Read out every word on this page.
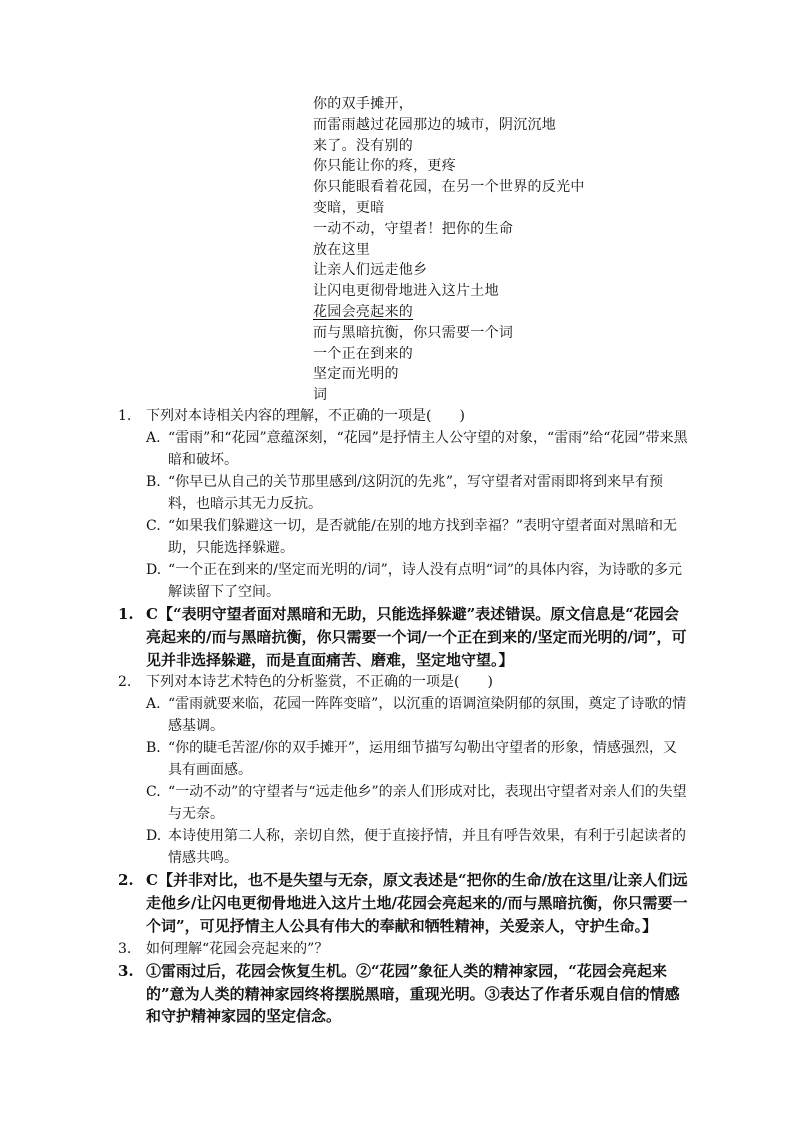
你的双手摊开，
而雷雨越过花园那边的城市，阴沉沉地
来了。没有别的
你只能让你的疼，更疼
你只能眼看着花园，在另一个世界的反光中
变暗，更暗
一动不动，守望者！把你的生命
放在这里
让亲人们远走他乡
让闪电更彻骨地进入这片土地
花园会亮起来的
而与黑暗抗衡，你只需要一个词
一个正在到来的
坚定而光明的
词
1. 下列对本诗相关内容的理解，不正确的一项是(　　)
A. “雷雨”和“花园”意蕴深刻，“花园”是抒情主人公守望的对象，“雷雨”给“花园”带来黑暗和破坏。
B. “你早已从自己的关节那里感到/这阴沉的先兆”，写守望者对雷雨即将到来早有预料，也暗示其无力反抗。
C. “如果我们躲避这一切，是否就能/在别的地方找到幸福？”表明守望者面对黑暗和无助，只能选择躲避。
D. “一个正在到来的/坚定而光明的/词”，诗人没有点明“词”的具体内容，为诗歌的多元解读留下了空间。
1. C【“表明守望者面对黑暗和无助，只能选择躲避”表述错误。原文信息是“花园会亮起来的/而与黑暗抗衡，你只需要一个词/一个正在到来的/坚定而光明的/词”，可见并非选择躲避，而是直面痛苦、磨难，坚定地守望。】
2. 下列对本诗艺术特色的分析鉴赏，不正确的一项是(　　)
A. “雷雨就要来临，花园一阵阵变暗”，以沉重的语调渲染阴郁的氛围，奠定了诗歌的情感基调。
B. “你的睫毛苦涩/你的双手摊开”，运用细节描写勾勒出守望者的形象，情感强烈，又具有画面感。
C. “一动不动”的守望者与“远走他乡”的亲人们形成对比，表现出守望者对亲人们的失望与无奈。
D. 本诗使用第二人称，亲切自然，便于直接抒情，并且有呼告效果，有利于引起读者的情感共鸣。
2. C【并非对比，也不是失望与无奈，原文表述是“把你的生命/放在这里/让亲人们远走他乡/让闪电更彻骨地进入这片土地/花园会亮起来的/而与黑暗抗衡，你只需要一个词”，可见抒情主人公具有伟大的奉献和牺牲精神，关爱亲人，守护生命。】
3. 如何理解“花园会亮起来的”？
3. ①雷雨过后，花园会恢复生机。②“花园”象征人类的精神家园，“花园会亮起来的”意为人类的精神家园终将摆脱黑暗，重现光明。③表达了作者乐观自信的情感和守护精神家园的坚定信念。
